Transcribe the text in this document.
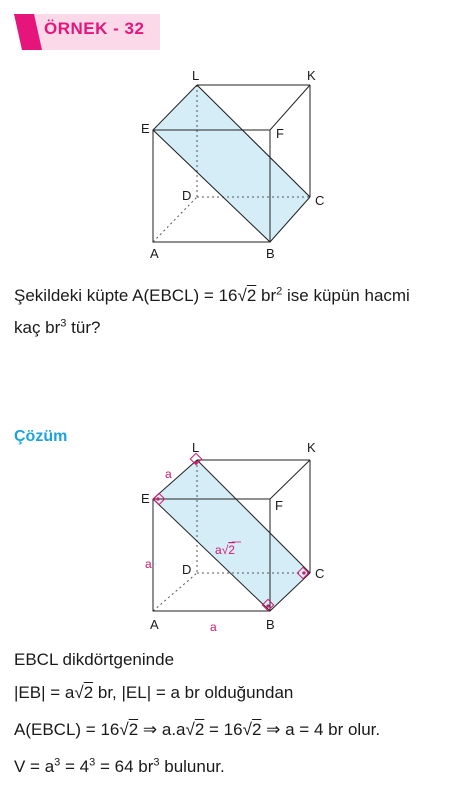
ÖRNEK - 32
L	K
E	F
D	C
A	B
Şekildeki küpte A(EBCL) = 16√2 $br^2$ ise küpün hacmi
kaç $br^3$ tür?
Çözüm
L	K
E	F
D	C
A	B
a
a
a
a√2
EBCL dikdörtgeninde
|EB| = a√2 br, |EL| = a br olduğundan
A(EBCL) = 16√2 ⇒ a.a√2 = 16√2 ⇒ a = 4 br olur.
$V = a^3 = 4^3 = 64$ $br^3$ bulunur.
